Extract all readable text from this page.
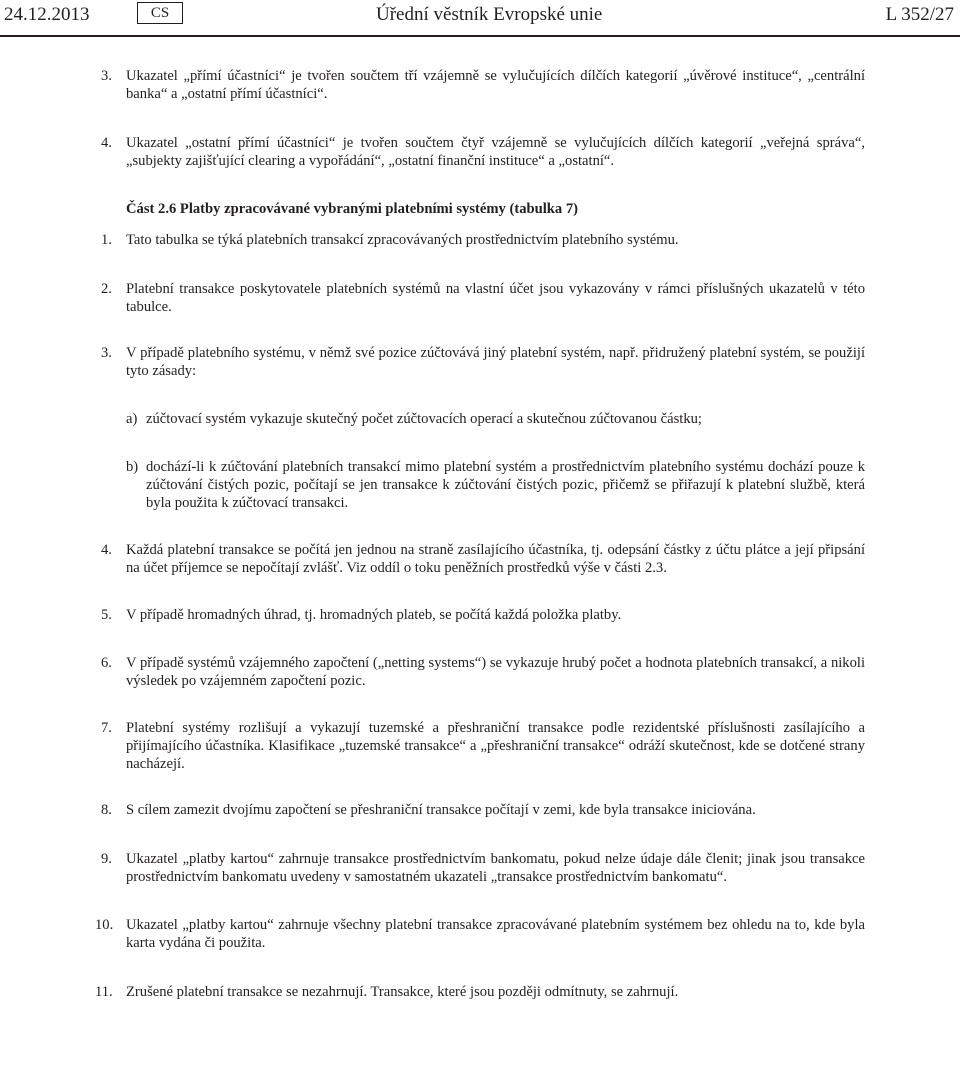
24.12.2013	CS	Úřední věstník Evropské unie	L 352/27
3. Ukazatel „přímí účastníci“ je tvořen součtem tří vzájemně se vylučujících dílčích kategorií „úvěrové instituce“, „centrální banka“ a „ostatní přímí účastníci“.
4. Ukazatel „ostatní přímí účastníci“ je tvořen součtem čtyř vzájemně se vylučujících dílčích kategorií „veřejná správa“, „subjekty zajišťující clearing a vypořádání“, „ostatní finanční instituce“ a „ostatní“.
Část 2.6 Platby zpracovávané vybranými platebními systémy (tabulka 7)
1. Tato tabulka se týká platebních transakcí zpracovávaných prostřednictvím platebního systému.
2. Platební transakce poskytovatele platebních systémů na vlastní účet jsou vykazovány v rámci příslušných ukazatelů v této tabulce.
3. V případě platebního systému, v němž své pozice zúčtovává jiný platební systém, např. přidružený platební systém, se použijí tyto zásady:
a) zúčtovací systém vykazuje skutečný počet zúčtovacích operací a skutečnou zúčtovanou částku;
b) dochází-li k zúčtování platebních transakcí mimo platební systém a prostřednictvím platebního systému dochází pouze k zúčtování čistých pozic, počítají se jen transakce k zúčtování čistých pozic, přičemž se přiřazují k platební službě, která byla použita k zúčtovací transakci.
4. Každá platební transakce se počítá jen jednou na straně zasílajícího účastníka, tj. odepsání částky z účtu plátce a její připsání na účet příjemce se nepočítají zvlášť. Viz oddíl o toku peněžních prostředků výše v části 2.3.
5. V případě hromadných úhrad, tj. hromadných plateb, se počítá každá položka platby.
6. V případě systémů vzájemného započtení („netting systems“) se vykazuje hrubý počet a hodnota platebních transakcí, a nikoli výsledek po vzájemném započtení pozic.
7. Platební systémy rozlišují a vykazují tuzemské a přeshraniční transakce podle rezidentské příslušnosti zasílajícího a přijímajícího účastníka. Klasifikace „tuzemské transakce“ a „přeshraniční transakce“ odráží skutečnost, kde se dotčené strany nacházejí.
8. S cílem zamezit dvojímu započtení se přeshraniční transakce počítají v zemi, kde byla transakce iniciována.
9. Ukazatel „platby kartou“ zahrnuje transakce prostřednictvím bankomatu, pokud nelze údaje dále členit; jinak jsou transakce prostřednictvím bankomatu uvedeny v samostatném ukazateli „transakce prostřednictvím bankomatu“.
10. Ukazatel „platby kartou“ zahrnuje všechny platební transakce zpracovávané platebním systémem bez ohledu na to, kde byla karta vydána či použita.
11. Zrušené platební transakce se nezahrnují. Transakce, které jsou později odmítnuty, se zahrnují.
